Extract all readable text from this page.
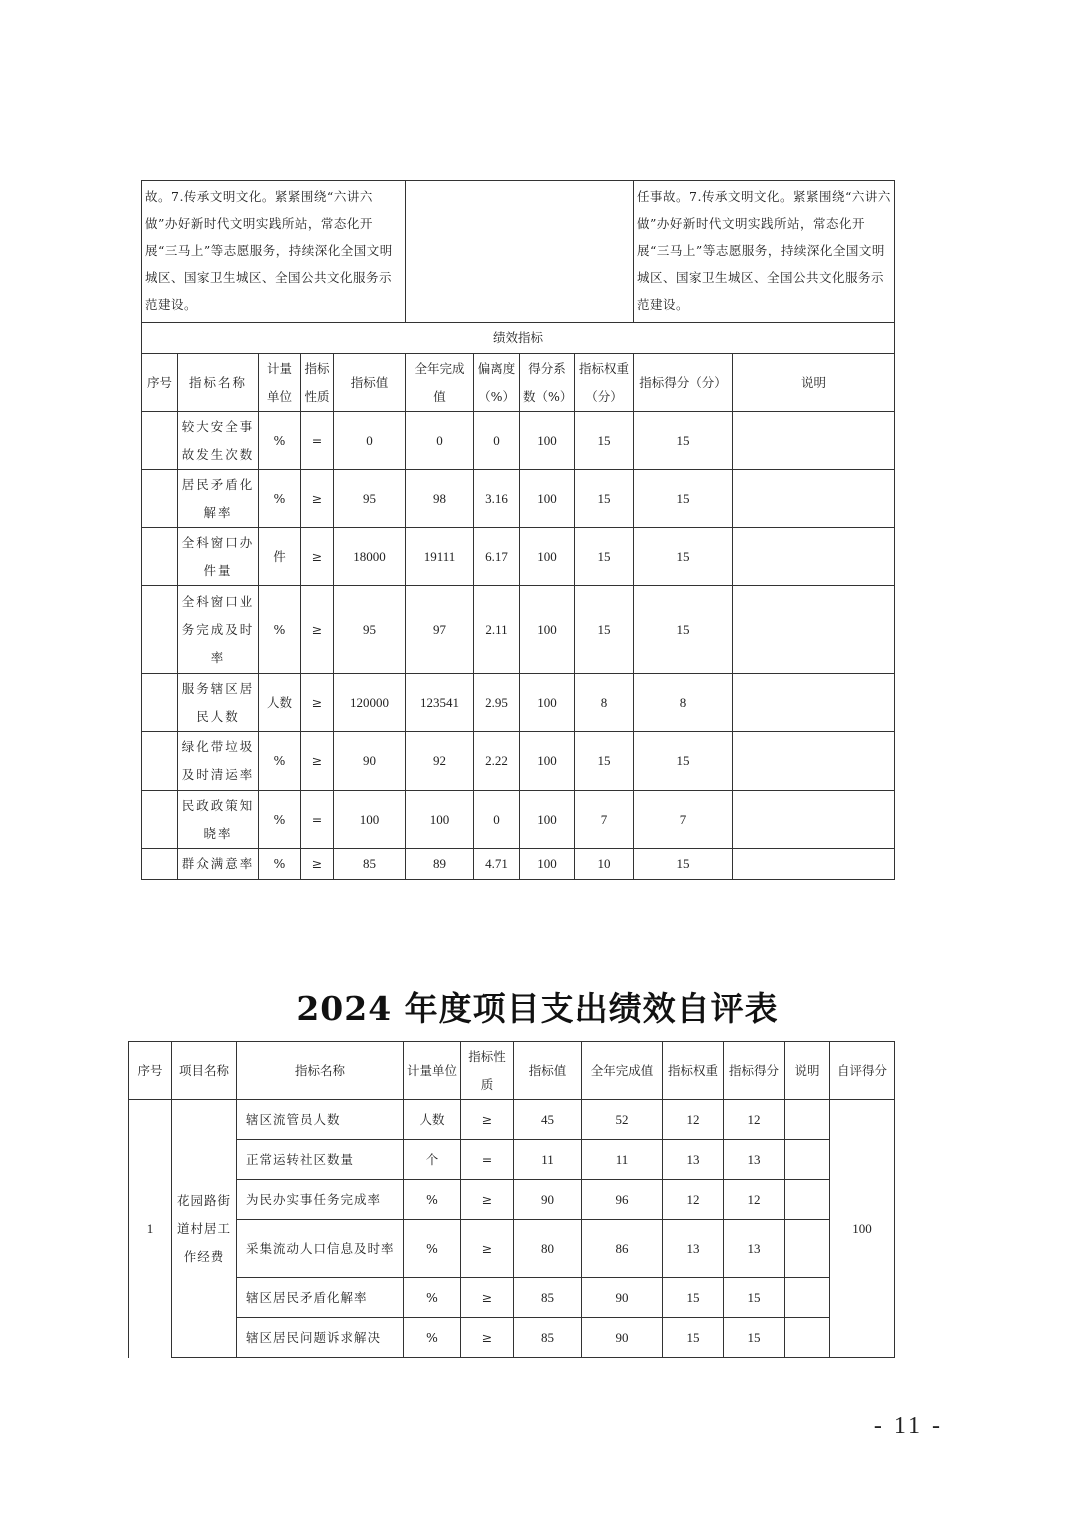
故。7.传承文明文化。紧紧围绕“六讲六做”办好新时代文明实践所站，常态化开展“三马上”等志愿服务，持续深化全国文明城区、国家卫生城区、全国公共文化服务示范建设。									任事故。7.传承文明文化。紧紧围绕“六讲六做”办好新时代文明实践所站，常态化开展“三马上”等志愿服务，持续深化全国文明城区、国家卫生城区、全国公共文化服务示范建设。	
绩效指标										
序号	指标名称	计量单位	指标性质	指标值	全年完成值	偏离度（%）	得分系数（%）	指标权重（分）	指标得分（分）	说明
	较大安全事故发生次数	%	=	0	0	0	100	15	15	
	居民矛盾化解率	%	≥	95	98	3.16	100	15	15	
	全科窗口办件量	件	≥	18000	19111	6.17	100	15	15	
	全科窗口业务完成及时率	%	≥	95	97	2.11	100	15	15	
	服务辖区居民人数	人数	≥	120000	123541	2.95	100	8	8	
	绿化带垃圾及时清运率	%	≥	90	92	2.22	100	15	15	
	民政政策知晓率	%	=	100	100	0	100	7	7	
	群众满意率	%	≥	85	89	4.71	100	10	15	
2024 年度项目支出绩效自评表
序号	项目名称	指标名称	计量单位	指标性质	指标值	全年完成值	指标权重	指标得分	说明	自评得分
1	花园路街道村居工作经费	辖区流管员人数	人数	≥	45	52	12	12		100
		正常运转社区数量	个	=	11	11	13	13		
		为民办实事任务完成率	%	≥	90	96	12	12		
		采集流动人口信息及时率	%	≥	80	86	13	13		
		辖区居民矛盾化解率	%	≥	85	90	15	15		
		辖区居民问题诉求解决	%	≥	85	90	15	15		
- 11 -
